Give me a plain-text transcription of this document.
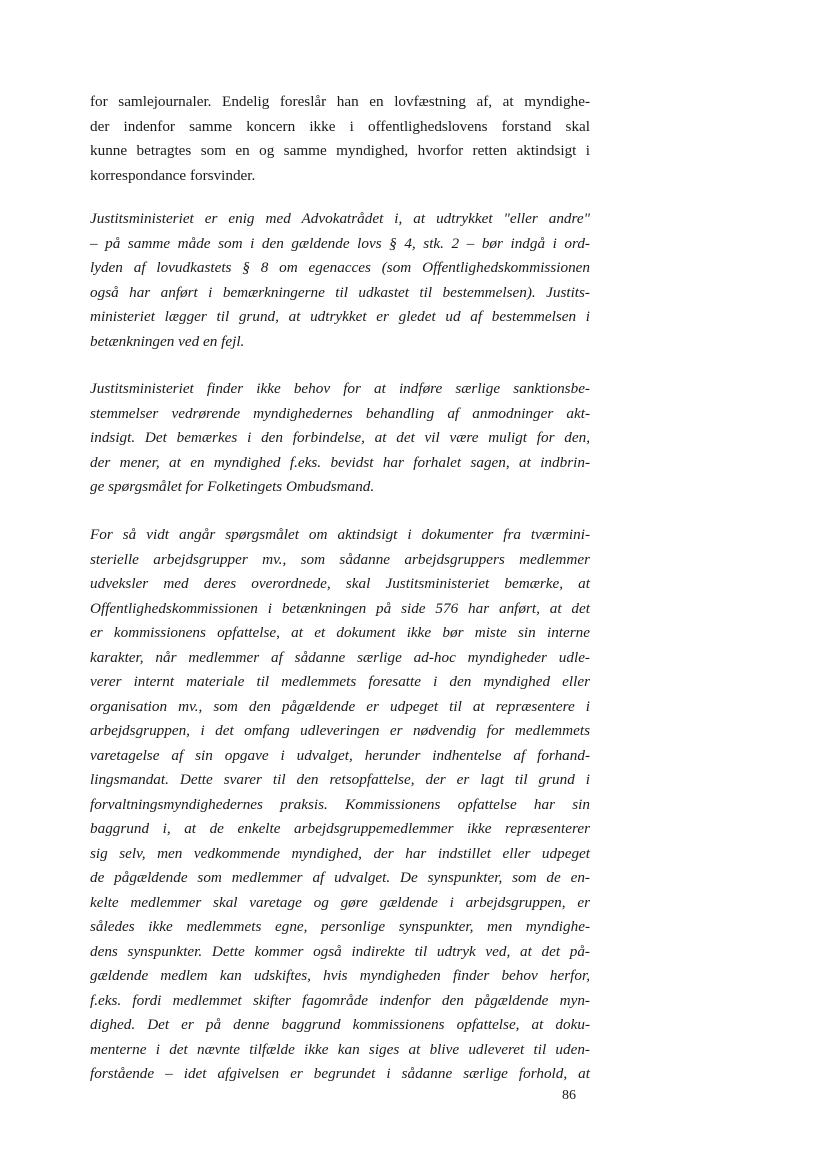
for samlejournaler. Endelig foreslår han en lovfæstning af, at myndighe-
der indenfor samme koncern ikke i offentlighedslovens forstand skal
kunne betragtes som en og samme myndighed, hvorfor retten aktindsigt i
korrespondance forsvinder.
Justitsministeriet er enig med Advokatrådet i, at udtrykket "eller andre"
– på samme måde som i den gældende lovs § 4, stk. 2 – bør indgå i ord-
lyden af lovudkastets § 8 om egenacces (som Offentlighedskommissionen
også har anført i bemærkningerne til udkastet til bestemmelsen). Justits-
ministeriet lægger til grund, at udtrykket er gledet ud af bestemmelsen i
betænkningen ved en fejl.
Justitsministeriet finder ikke behov for at indføre særlige sanktionsbe-
stemmelser vedrørende myndighedernes behandling af anmodninger akt-
indsigt. Det bemærkes i den forbindelse, at det vil være muligt for den,
der mener, at en myndighed f.eks. bevidst har forhalet sagen, at indbrin-
ge spørgsmålet for Folketingets Ombudsmand.
For så vidt angår spørgsmålet om aktindsigt i dokumenter fra tværmini-
sterielle arbejdsgrupper mv., som sådanne arbejdsgruppers medlemmer
udveksler med deres overordnede, skal Justitsministeriet bemærke, at
Offentlighedskommissionen i betænkningen på side 576 har anført, at det
er kommissionens opfattelse, at et dokument ikke bør miste sin interne
karakter, når medlemmer af sådanne særlige ad-hoc myndigheder udle-
verer internt materiale til medlemmets foresatte i den myndighed eller
organisation mv., som den pågældende er udpeget til at repræsentere i
arbejdsgruppen, i det omfang udleveringen er nødvendig for medlemmets
varetagelse af sin opgave i udvalget, herunder indhentelse af forhand-
lingsmandat. Dette svarer til den retsopfattelse, der er lagt til grund i
forvaltningsmyndighedernes praksis. Kommissionens opfattelse har sin
baggrund i, at de enkelte arbejdsgruppemedlemmer ikke repræsenterer
sig selv, men vedkommende myndighed, der har indstillet eller udpeget
de pågældende som medlemmer af udvalget. De synspunkter, som de en-
kelte medlemmer skal varetage og gøre gældende i arbejdsgruppen, er
således ikke medlemmets egne, personlige synspunkter, men myndighe-
dens synspunkter. Dette kommer også indirekte til udtryk ved, at det på-
gældende medlem kan udskiftes, hvis myndigheden finder behov herfor,
f.eks. fordi medlemmet skifter fagområde indenfor den pågældende myn-
dighed. Det er på denne baggrund kommissionens opfattelse, at doku-
menterne i det nævnte tilfælde ikke kan siges at blive udleveret til uden-
forstående – idet afgivelsen er begrundet i sådanne særlige forhold, at
86
